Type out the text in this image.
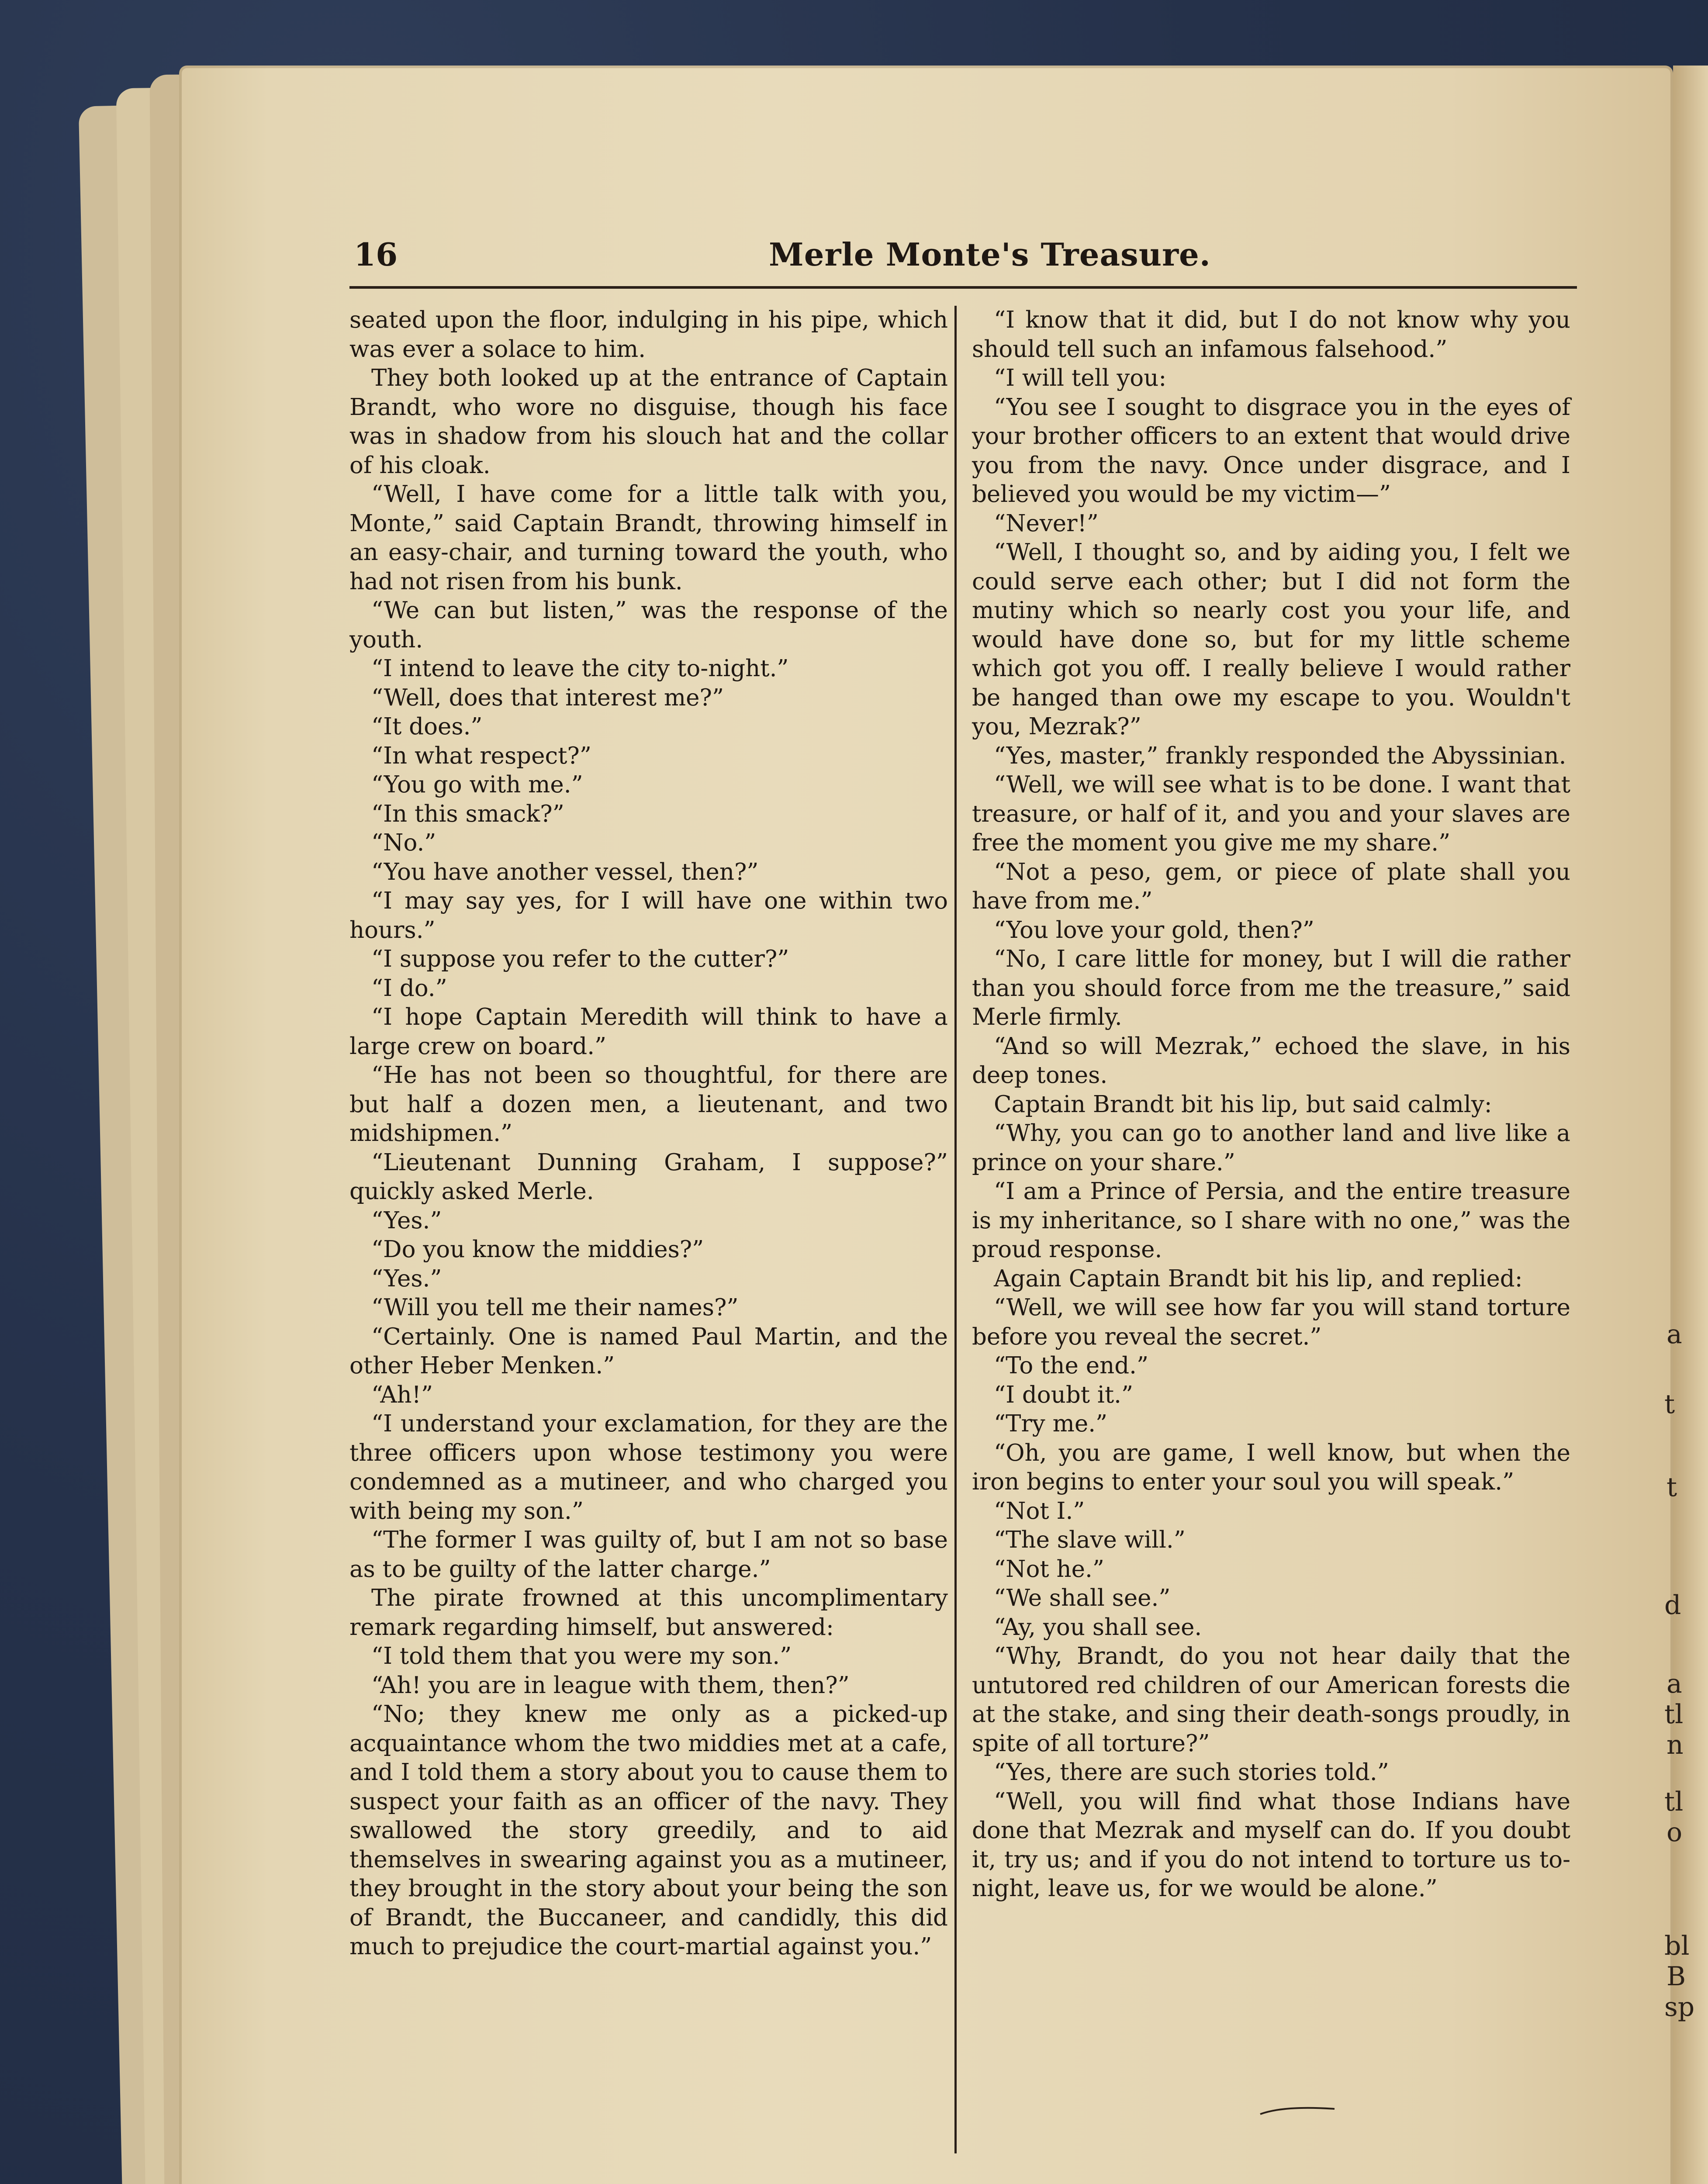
16	Merle Monte's Treasure.

seated upon the floor, indulging in his pipe, which was ever a solace to him.

They both looked up at the entrance of Captain Brandt, who wore no disguise, though his face was in shadow from his slouch hat and the collar of his cloak.

“Well, I have come for a little talk with you, Monte,” said Captain Brandt, throwing himself in an easy-chair, and turning toward the youth, who had not risen from his bunk.

“We can but listen,” was the response of the youth.

“I intend to leave the city to-night.”

“Well, does that interest me?”

“It does.”

“In what respect?”

“You go with me.”

“In this smack?”

“No.”

“You have another vessel, then?”

“I may say yes, for I will have one within two hours.”

“I suppose you refer to the cutter?”

“I do.”

“I hope Captain Meredith will think to have a large crew on board.”

“He has not been so thoughtful, for there are but half a dozen men, a lieutenant, and two midshipmen.”

“Lieutenant Dunning Graham, I suppose?” quickly asked Merle.

“Yes.”

“Do you know the middies?”

“Yes.”

“Will you tell me their names?”

“Certainly. One is named Paul Martin, and the other Heber Menken.”

“Ah!”

“I understand your exclamation, for they are the three officers upon whose testimony you were condemned as a mutineer, and who charged you with being my son.”

“The former I was guilty of, but I am not so base as to be guilty of the latter charge.”

The pirate frowned at this uncomplimentary remark regarding himself, but answered:

“I told them that you were my son.”

“Ah! you are in league with them, then?”

“No; they knew me only as a picked-up acquaintance whom the two middies met at a cafe, and I told them a story about you to cause them to suspect your faith as an officer of the navy. They swallowed the story greedily, and to aid themselves in swearing against you as a mutineer, they brought in the story about your being the son of Brandt, the Buccaneer, and candidly, this did much to prejudice the court-martial against you.”

“I know that it did, but I do not know why you should tell such an infamous falsehood.”

“I will tell you:

“You see I sought to disgrace you in the eyes of your brother officers to an extent that would drive you from the navy. Once under disgrace, and I believed you would be my victim—”

“Never!”

“Well, I thought so, and by aiding you, I felt we could serve each other; but I did not form the mutiny which so nearly cost you your life, and would have done so, but for my little scheme which got you off. I really believe I would rather be hanged than owe my escape to you. Wouldn't you, Mezrak?”

“Yes, master,” frankly responded the Abyssinian.

“Well, we will see what is to be done. I want that treasure, or half of it, and you and your slaves are free the moment you give me my share.”

“Not a peso, gem, or piece of plate shall you have from me.”

“You love your gold, then?”

“No, I care little for money, but I will die rather than you should force from me the treasure,” said Merle firmly.

“And so will Mezrak,” echoed the slave, in his deep tones.

Captain Brandt bit his lip, but said calmly:

“Why, you can go to another land and live like a prince on your share.”

“I am a Prince of Persia, and the entire treasure is my inheritance, so I share with no one,” was the proud response.

Again Captain Brandt bit his lip, and replied:

“Well, we will see how far you will stand torture before you reveal the secret.”

“To the end.”

“I doubt it.”

“Try me.”

“Oh, you are game, I well know, but when the iron begins to enter your soul you will speak.”

“Not I.”

“The slave will.”

“Not he.”

“We shall see.”

“Ay, you shall see.

“Why, Brandt, do you not hear daily that the untutored red children of our American forests die at the stake, and sing their death-songs proudly, in spite of all torture?”

“Yes, there are such stories told.”

“Well, you will find what those Indians have done that Mezrak and myself can do. If you doubt it, try us; and if you do not intend to torture us to-night, leave us, for we would be alone.”

a
t
t
d
a
tl
n
tl
o
bl
B
sp
